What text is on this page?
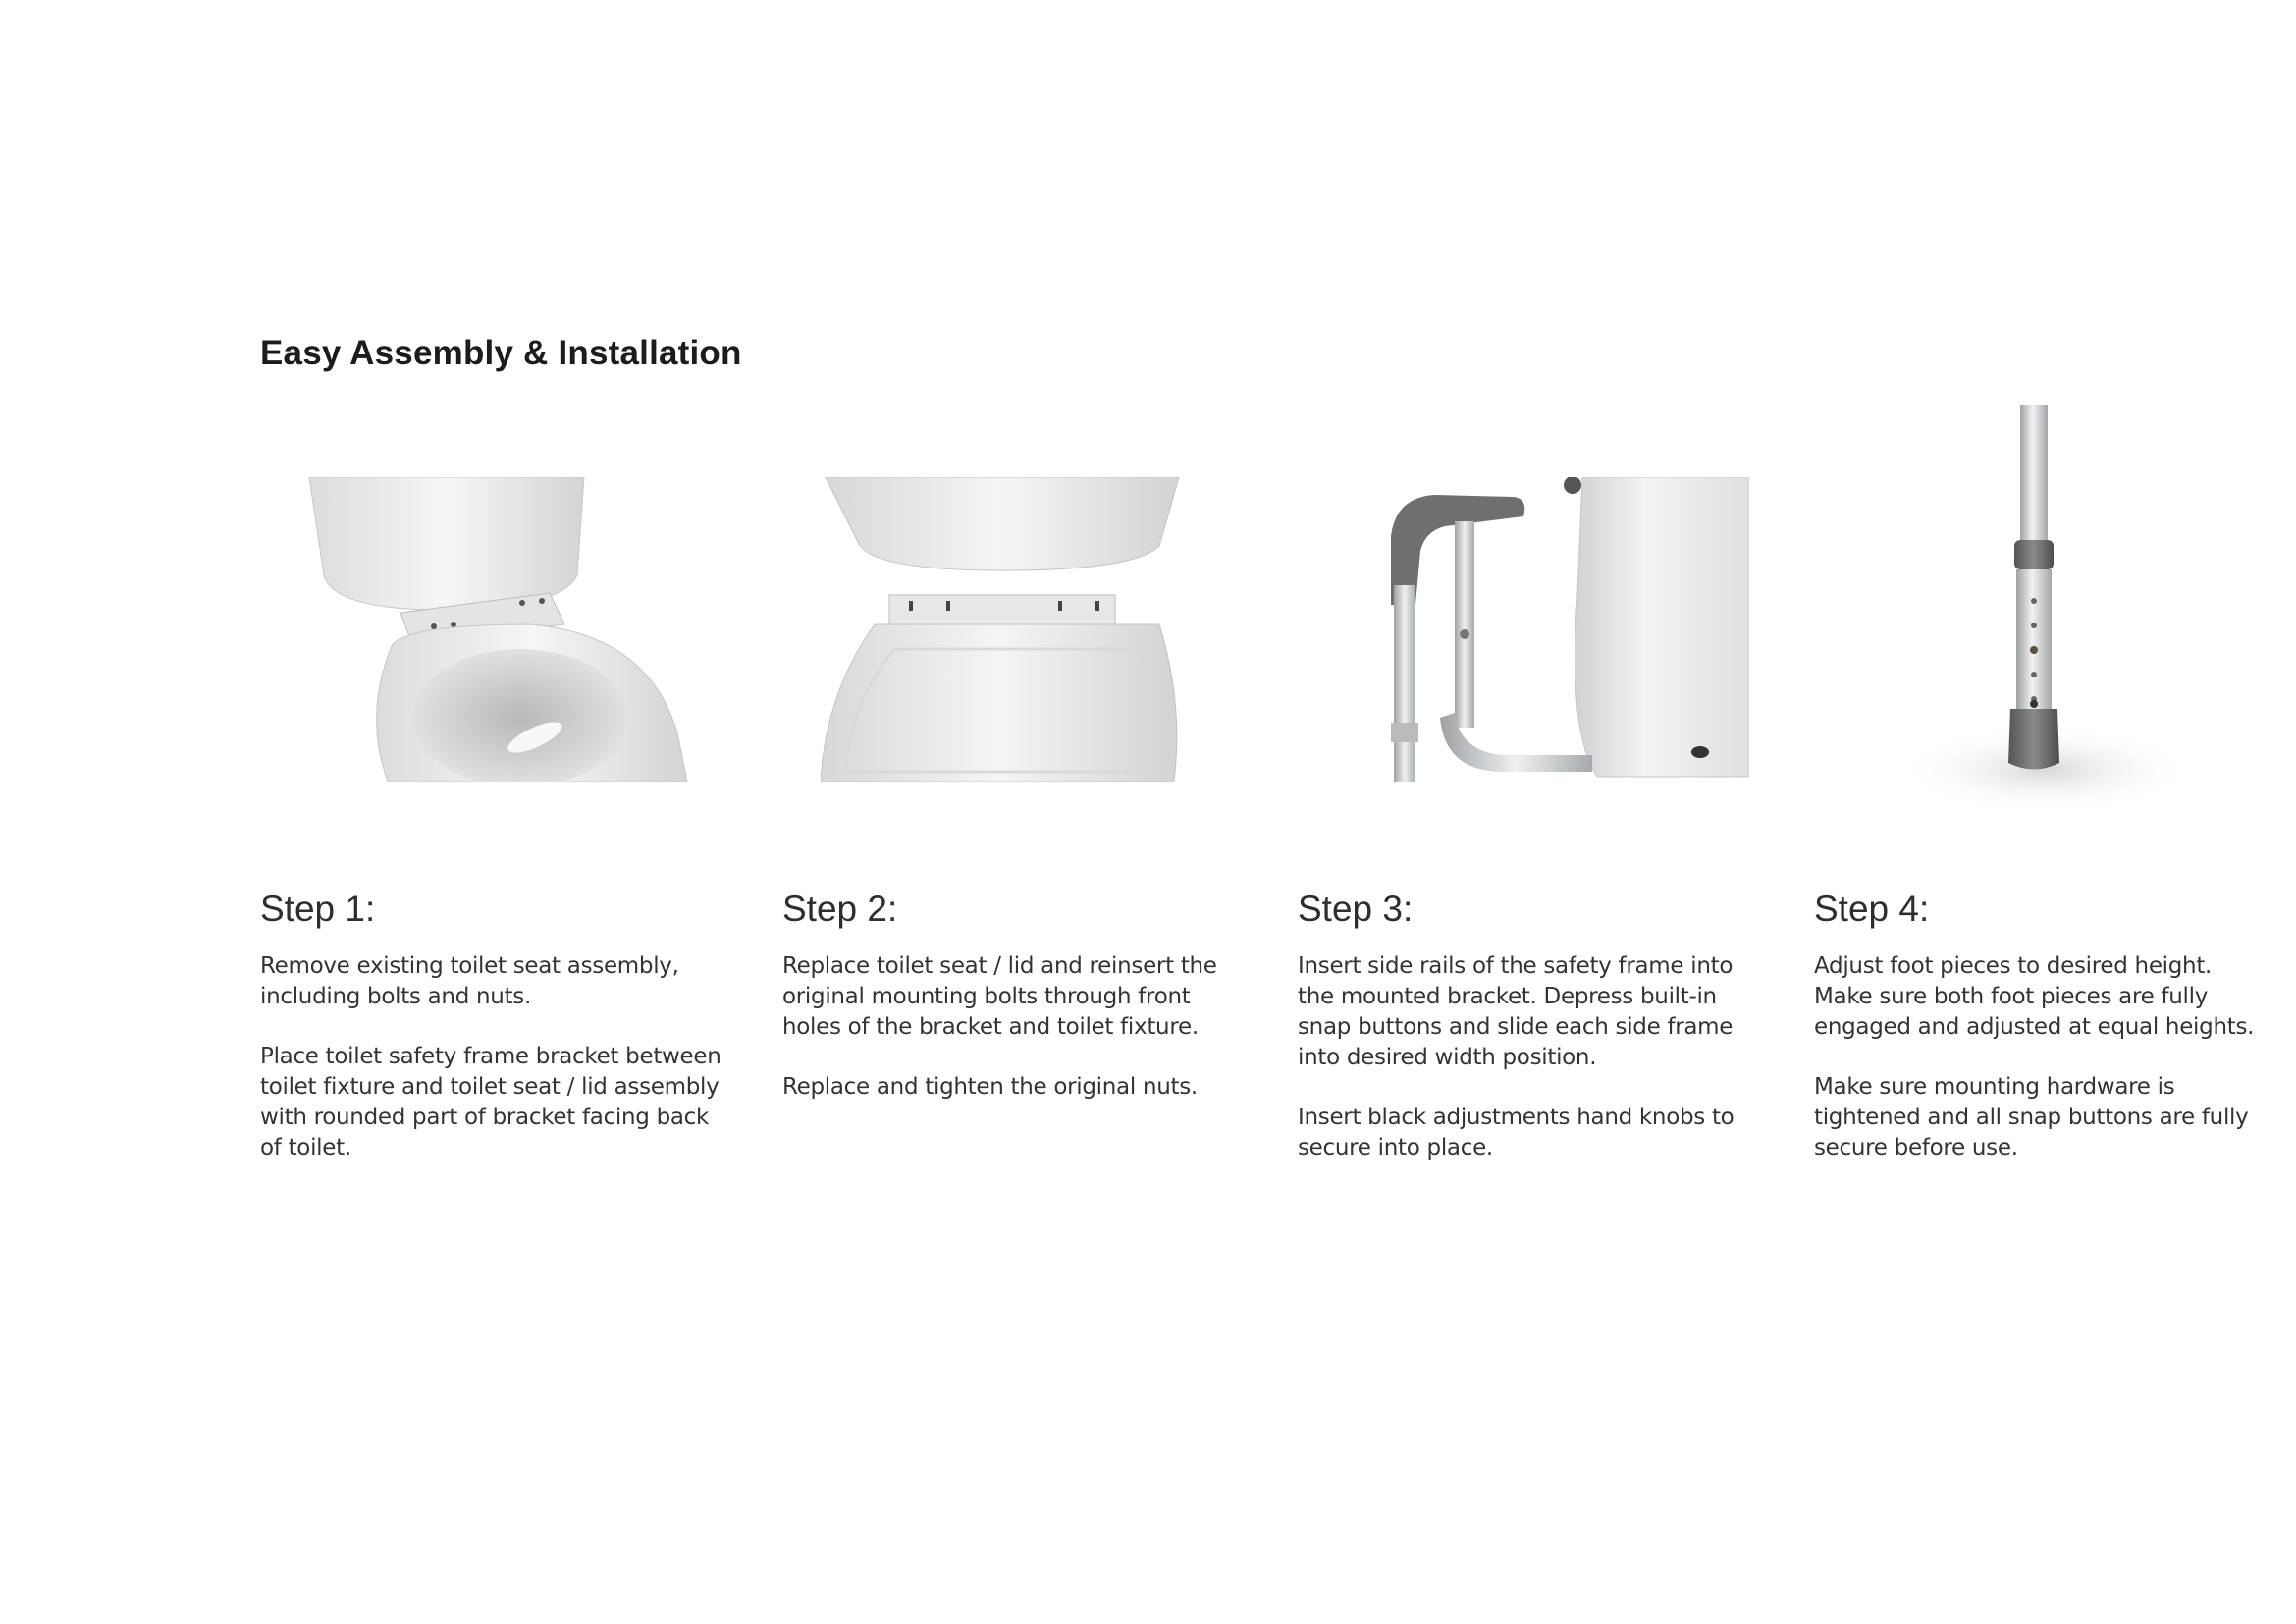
Easy Assembly & Installation
Step 1:

Remove existing toilet seat assembly, including bolts and nuts.

Place toilet safety frame bracket between toilet fixture and toilet seat / lid assembly with rounded part of bracket facing back of toilet.

Step 2:

Replace toilet seat / lid and reinsert the original mounting bolts through front holes of the bracket and toilet fixture.

Replace and tighten the original nuts.

Step 3:

Insert side rails of the safety frame into the mounted bracket. Depress built-in snap buttons and slide each side frame into desired width position.

Insert black adjustments hand knobs to secure into place.

Step 4:

Adjust foot pieces to desired height. Make sure both foot pieces are fully engaged and adjusted at equal heights.

Make sure mounting hardware is tightened and all snap buttons are fully secure before use.
